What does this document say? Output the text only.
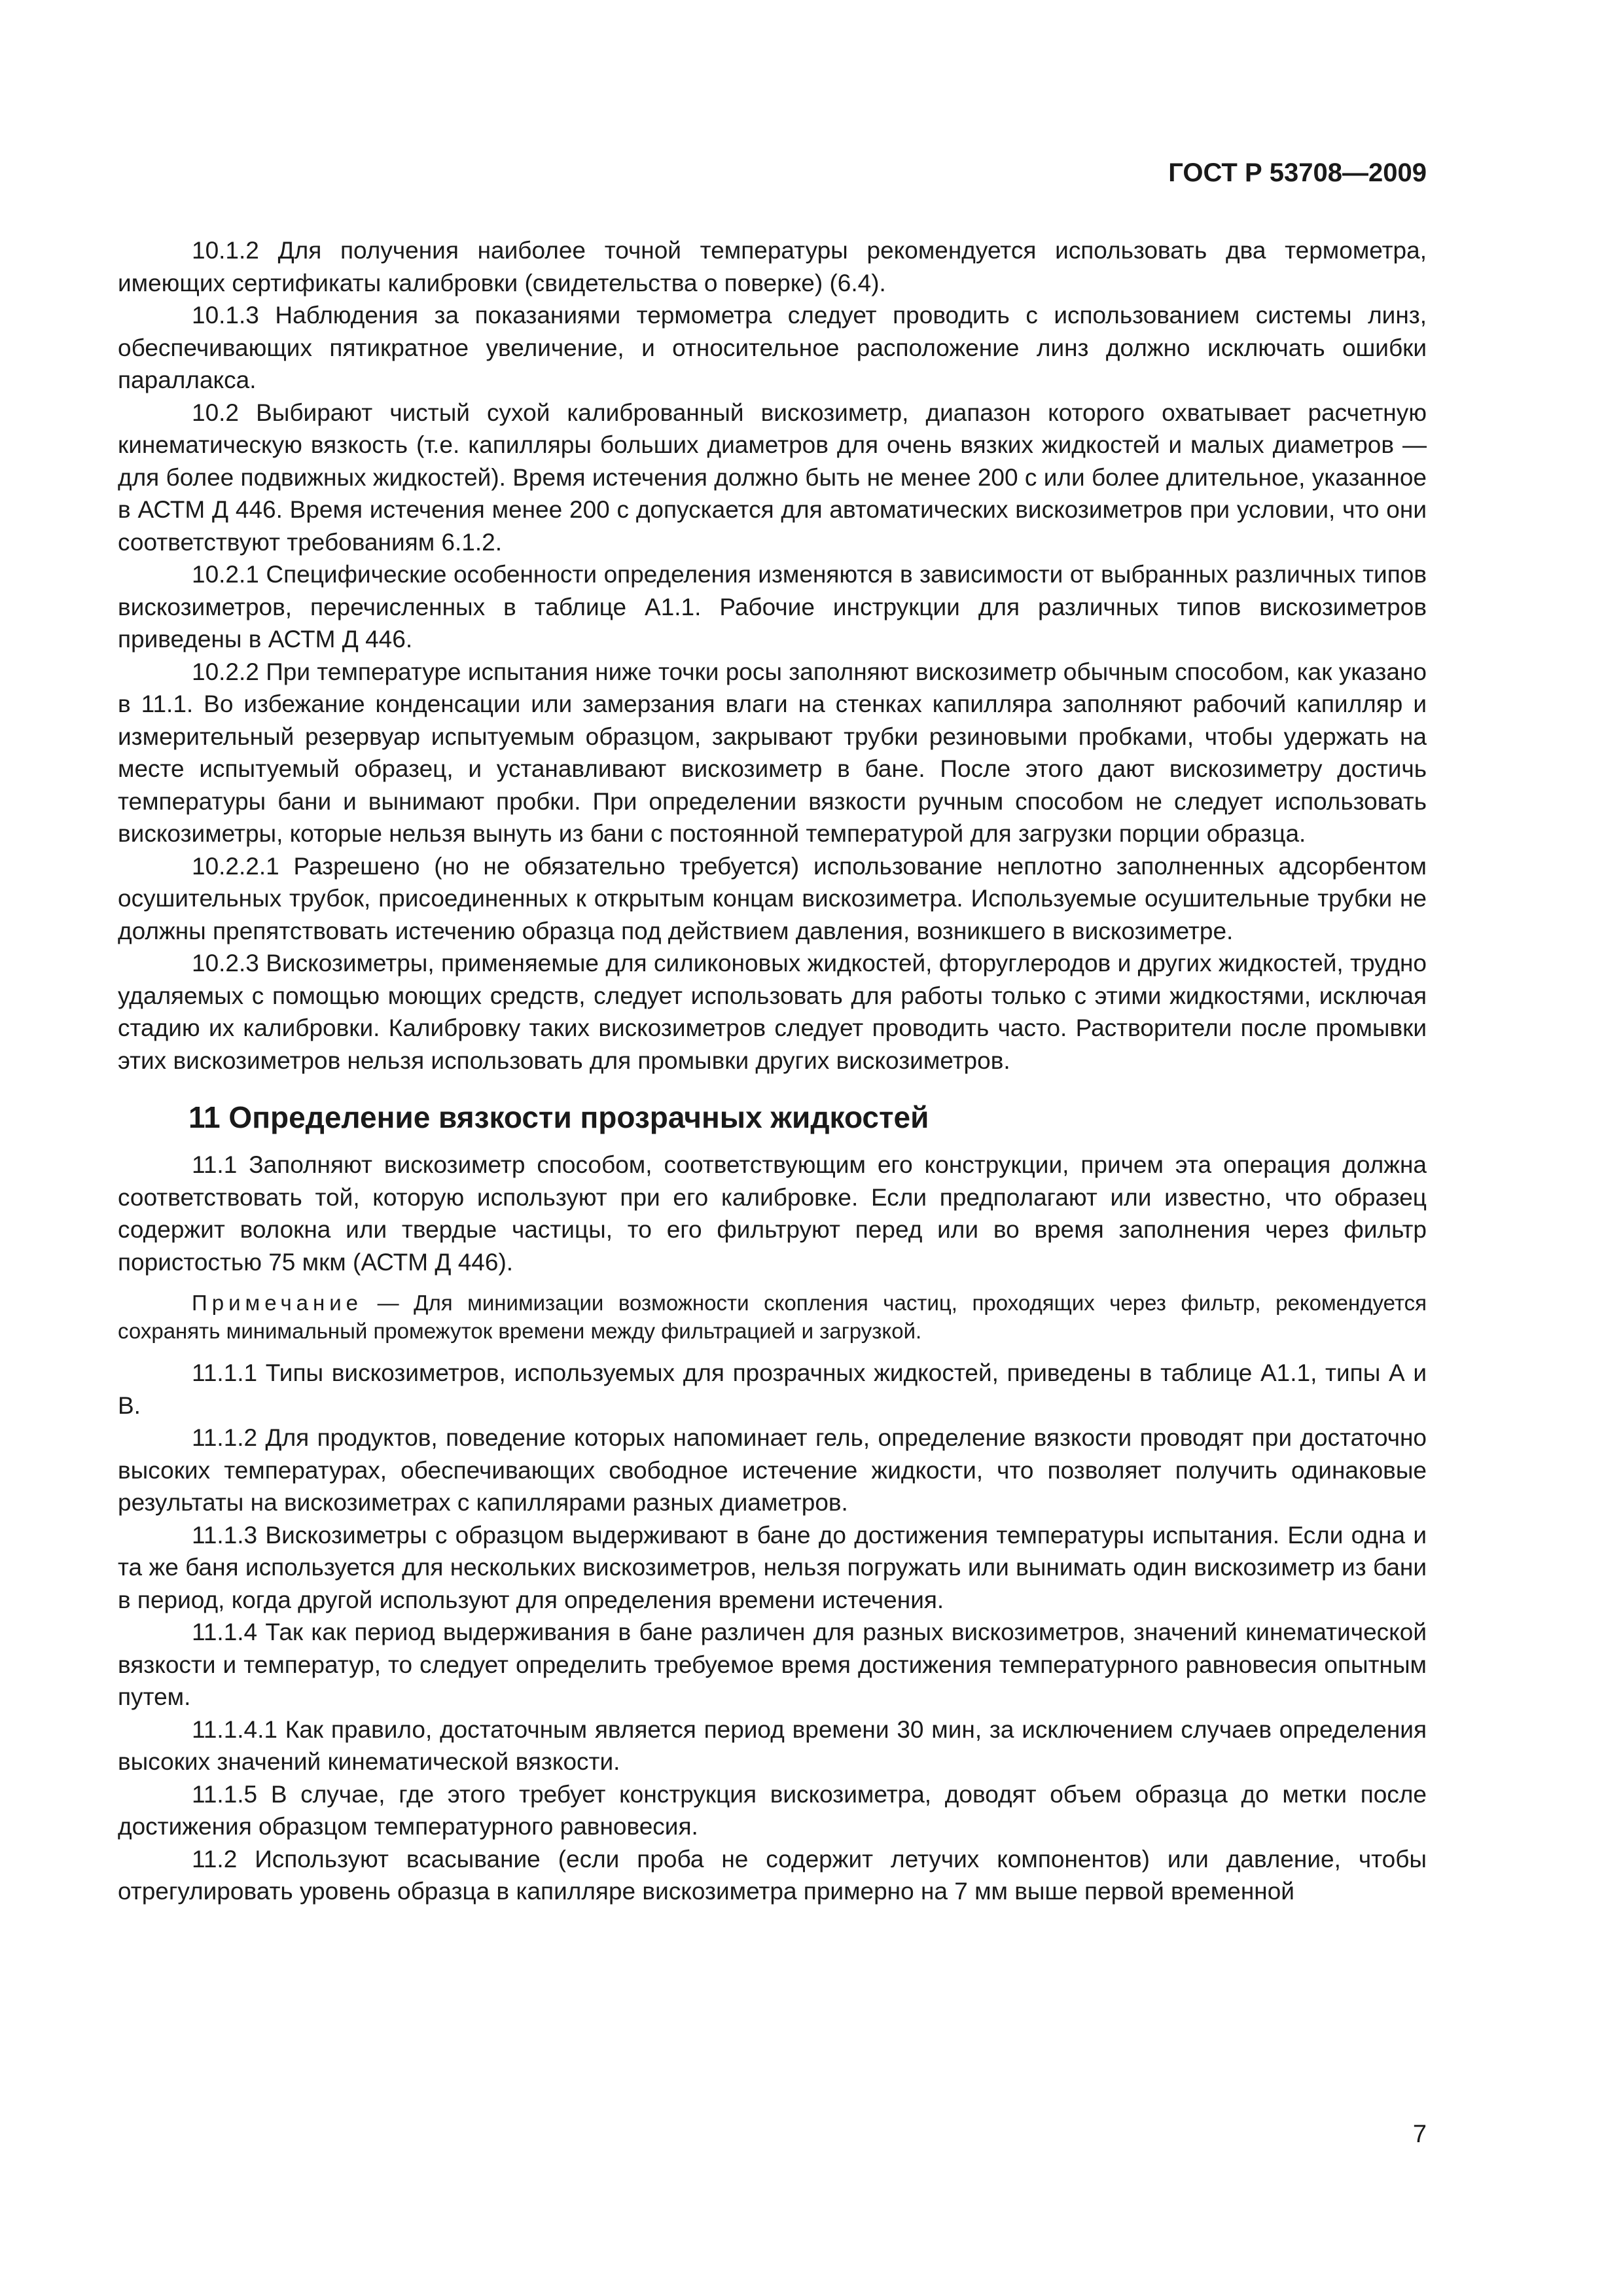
ГОСТ Р 53708—2009

10.1.2 Для получения наиболее точной температуры рекомендуется использовать два термометра, имеющих сертификаты калибровки (свидетельства о поверке) (6.4).

10.1.3 Наблюдения за показаниями термометра следует проводить с использованием системы линз, обеспечивающих пятикратное увеличение, и относительное расположение линз должно исключать ошибки параллакса.

10.2 Выбирают чистый сухой калиброванный вискозиметр, диапазон которого охватывает расчетную кинематическую вязкость (т.е. капилляры больших диаметров для очень вязких жидкостей и малых диаметров — для более подвижных жидкостей). Время истечения должно быть не менее 200 с или более длительное, указанное в АСТМ Д 446. Время истечения менее 200 с допускается для автоматических вискозиметров при условии, что они соответствуют требованиям 6.1.2.

10.2.1 Специфические особенности определения изменяются в зависимости от выбранных различных типов вискозиметров, перечисленных в таблице А1.1. Рабочие инструкции для различных типов вискозиметров приведены в АСТМ Д 446.

10.2.2 При температуре испытания ниже точки росы заполняют вискозиметр обычным способом, как указано в 11.1. Во избежание конденсации или замерзания влаги на стенках капилляра заполняют рабочий капилляр и измерительный резервуар испытуемым образцом, закрывают трубки резиновыми пробками, чтобы удержать на месте испытуемый образец, и устанавливают вискозиметр в бане. После этого дают вискозиметру достичь температуры бани и вынимают пробки. При определении вязкости ручным способом не следует использовать вискозиметры, которые нельзя вынуть из бани с постоянной температурой для загрузки порции образца.

10.2.2.1 Разрешено (но не обязательно требуется) использование неплотно заполненных адсорбентом осушительных трубок, присоединенных к открытым концам вискозиметра. Используемые осушительные трубки не должны препятствовать истечению образца под действием давления, возникшего в вискозиметре.

10.2.3 Вискозиметры, применяемые для силиконовых жидкостей, фторуглеродов и других жидкостей, трудно удаляемых с помощью моющих средств, следует использовать для работы только с этими жидкостями, исключая стадию их калибровки. Калибровку таких вискозиметров следует проводить часто. Растворители после промывки этих вискозиметров нельзя использовать для промывки других вискозиметров.

11 Определение вязкости прозрачных жидкостей

11.1 Заполняют вискозиметр способом, соответствующим его конструкции, причем эта операция должна соответствовать той, которую используют при его калибровке. Если предполагают или известно, что образец содержит волокна или твердые частицы, то его фильтруют перед или во время заполнения через фильтр пористостью 75 мкм (АСТМ Д 446).

Примечание — Для минимизации возможности скопления частиц, проходящих через фильтр, рекомендуется сохранять минимальный промежуток времени между фильтрацией и загрузкой.

11.1.1 Типы вискозиметров, используемых для прозрачных жидкостей, приведены в таблице А1.1, типы А и В.

11.1.2 Для продуктов, поведение которых напоминает гель, определение вязкости проводят при достаточно высоких температурах, обеспечивающих свободное истечение жидкости, что позволяет получить одинаковые результаты на вискозиметрах с капиллярами разных диаметров.

11.1.3 Вискозиметры с образцом выдерживают в бане до достижения температуры испытания. Если одна и та же баня используется для нескольких вискозиметров, нельзя погружать или вынимать один вискозиметр из бани в период, когда другой используют для определения времени истечения.

11.1.4 Так как период выдерживания в бане различен для разных вискозиметров, значений кинематической вязкости и температур, то следует определить требуемое время достижения температурного равновесия опытным путем.

11.1.4.1 Как правило, достаточным является период времени 30 мин, за исключением случаев определения высоких значений кинематической вязкости.

11.1.5 В случае, где этого требует конструкция вискозиметра, доводят объем образца до метки после достижения образцом температурного равновесия.

11.2 Используют всасывание (если проба не содержит летучих компонентов) или давление, чтобы отрегулировать уровень образца в капилляре вискозиметра примерно на 7 мм выше первой временной

7
